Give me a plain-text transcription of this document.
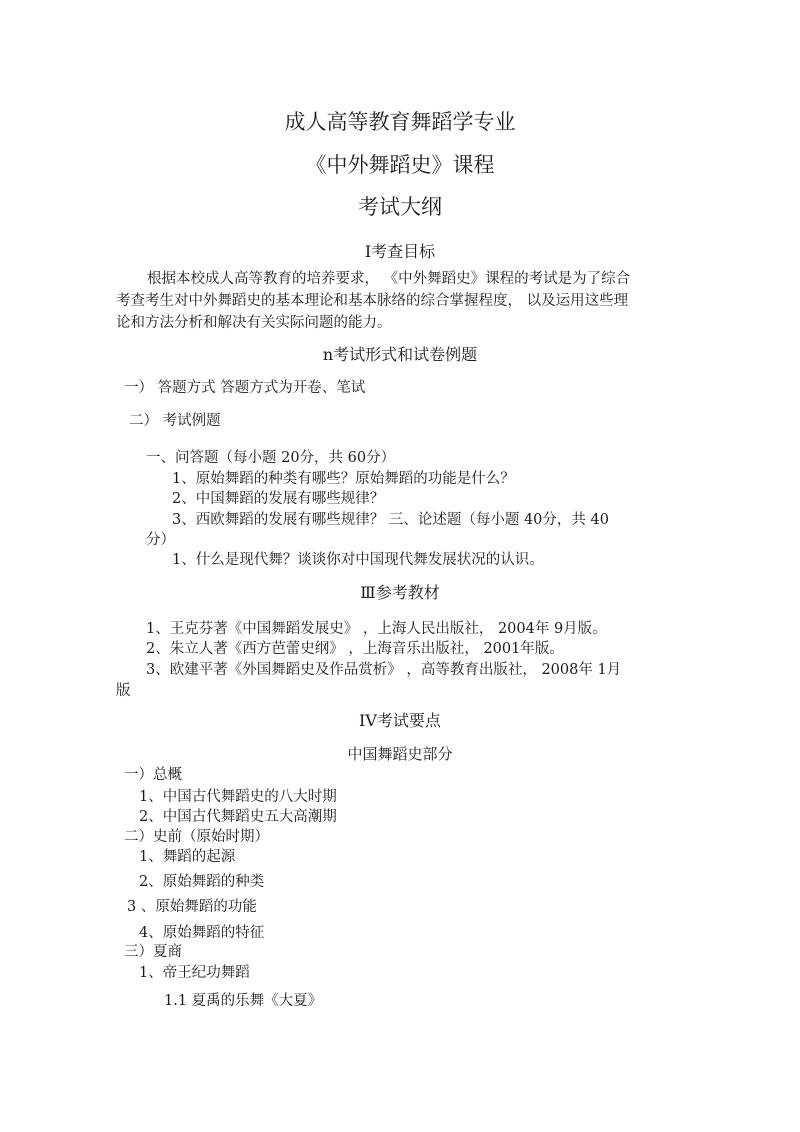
成人高等教育舞蹈学专业
《中外舞蹈史》课程
考试大纲
I考查目标
根据本校成人高等教育的培养要求， 《中外舞蹈史》课程的考试是为了综合
考查考生对中外舞蹈史的基本理论和基本脉络的综合掌握程度， 以及运用这些理
论和方法分析和解决有关实际问题的能力。
n考试形式和试卷例题
一） 答题方式 答题方式为开卷、笔试
二） 考试例题
一、问答题（每小题 20分，共 60分）
1、原始舞蹈的种类有哪些？原始舞蹈的功能是什么？
2、中国舞蹈的发展有哪些规律？
3、西欧舞蹈的发展有哪些规律？ 三、论述题（每小题 40分，共 40
分）
1、什么是现代舞？谈谈你对中国现代舞发展状况的认识。
Ⅲ参考教材
1、王克芬著《中国舞蹈发展史》 ，上海人民出版社， 2004年 9月版。
2、朱立人著《西方芭蕾史纲》 ，上海音乐出版社， 2001年版。
3、欧建平著《外国舞蹈史及作品赏析》 ，高等教育出版社， 2008年 1月
版
IV考试要点
中国舞蹈史部分
一）总概
1、中国古代舞蹈史的八大时期
2、中国古代舞蹈史五大高潮期
二）史前（原始时期）
1、舞蹈的起源
2、原始舞蹈的种类
3 、原始舞蹈的功能
4、原始舞蹈的特征
三）夏商
1、帝王纪功舞蹈
1.1 夏禹的乐舞《大夏》
